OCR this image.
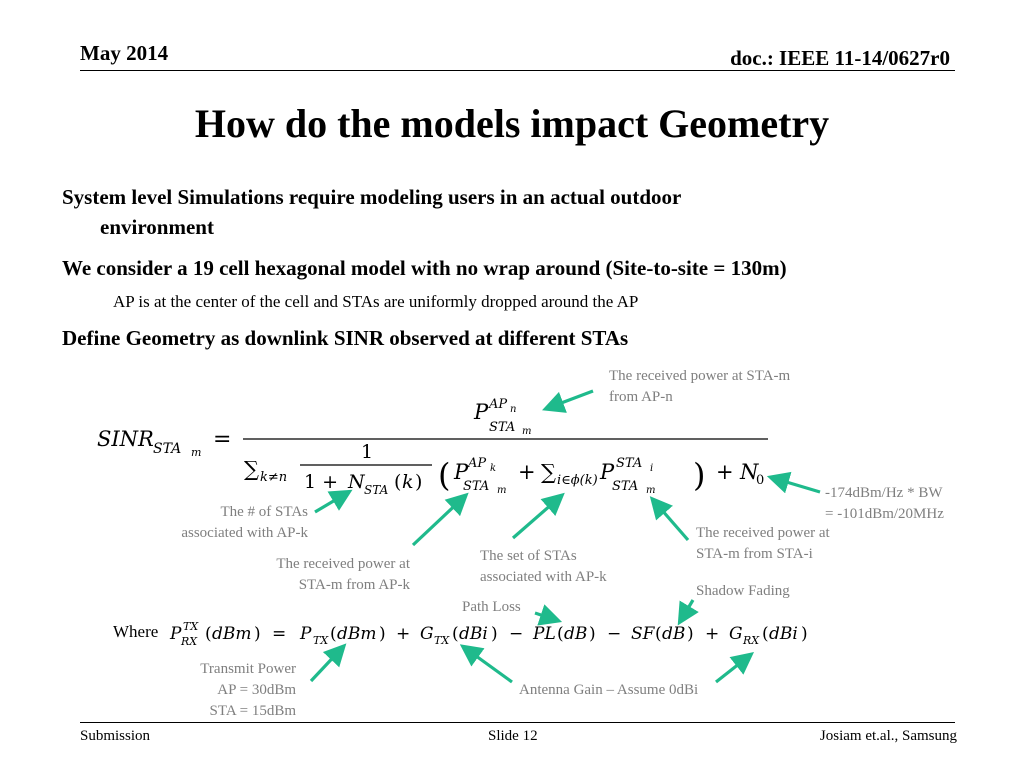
May 2014	doc.: IEEE 11-14/0627r0
How do the models impact Geometry
System level Simulations require modeling users in an actual outdoor
environment
We consider a 19 cell hexagonal model with no wrap around (Site-to-site = 130m)
AP is at the center of the cell and STAs are uniformly dropped around the AP
Define Geometry as downlink SINR observed at different STAs
SINR STA m
=
P AP n
STA m
∑ k≠n
1
1 + N STA ( k ) ( P AP k
STA m
+ ∑ i∈ϕ(k) P STA i
STA m ) + N
0
P TX
RX ( dBm ) = P TX ( dBm ) + G TX ( dBi ) − PL ( dB ) − SF ( dB ) + G RX ( dBi )
Where
The received power at STA-m
from AP-n
The # of STAs
associated with AP-k
The received power at
STA-m from AP-k
The set of STAs
associated with AP-k
The received power at
STA-m from STA-i
-174dBm/Hz * BW
= -101dBm/20MHz
Shadow Fading
Path Loss
Transmit Power
AP = 30dBm
STA = 15dBm
Antenna Gain – Assume 0dBi
Submission	Slide 12	Josiam et.al., Samsung
